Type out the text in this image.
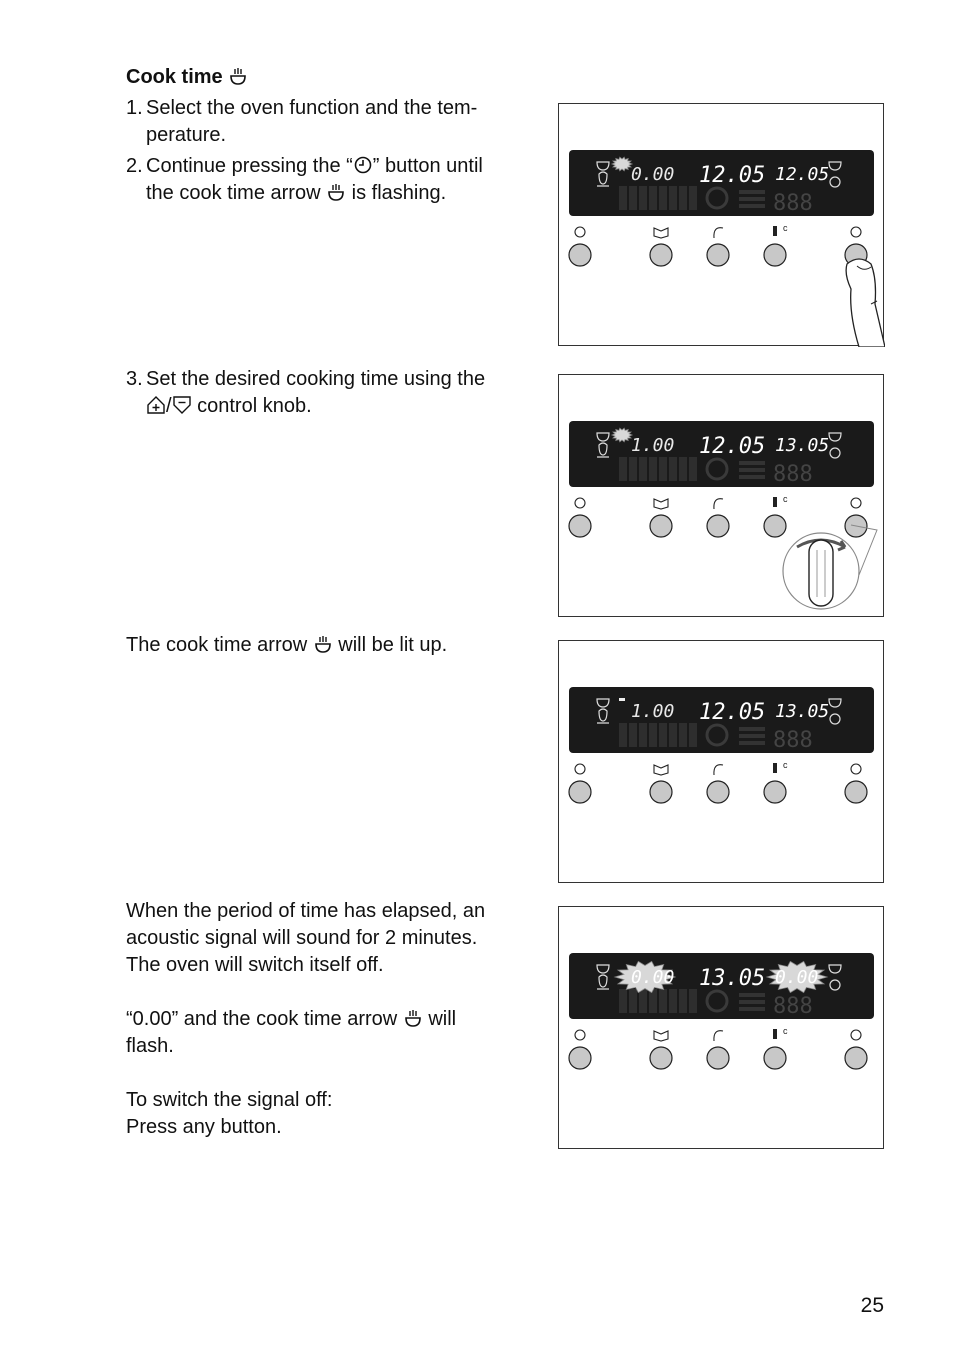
Cook time
1. Select the oven function and the tem-
perature.
2. Continue pressing the “ ” button until
the cook time arrow  is flashing.
3. Set the desired cooking time using the
/ control knob.
The cook time arrow  will be lit up.

When the period of time has elapsed, an
acoustic signal will sound for 2 minutes.
The oven will switch itself off.

“0.00” and the cook time arrow  will
flash.

To switch the signal off:
Press any button.

888
0.00 12.05 12.05
c
888
1.00 12.05 13.05
c
888
1.00 12.05 13.05
c
888
0.00 13.05 0.00
c
25
